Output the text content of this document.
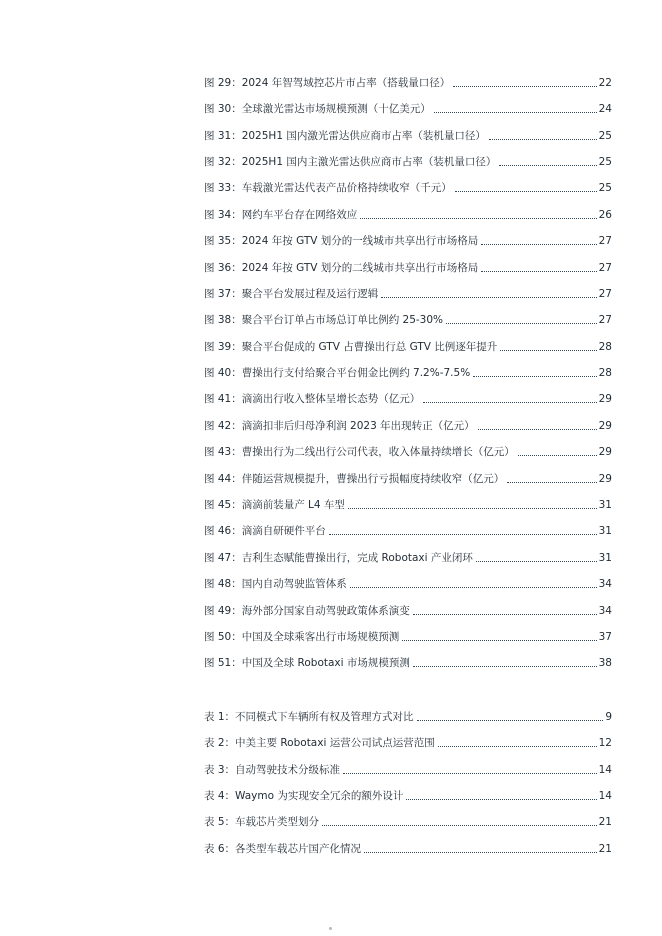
图 29：2024 年智驾域控芯片市占率（搭载量口径）	22
图 30：全球激光雷达市场规模预测（十亿美元）	24
图 31：2025H1 国内激光雷达供应商市占率（装机量口径）	25
图 32：2025H1 国内主激光雷达供应商市占率（装机量口径）	25
图 33：车载激光雷达代表产品价格持续收窄（千元）	25
图 34：网约车平台存在网络效应	26
图 35：2024 年按 GTV 划分的一线城市共享出行市场格局	27
图 36：2024 年按 GTV 划分的二线城市共享出行市场格局	27
图 37：聚合平台发展过程及运行逻辑	27
图 38：聚合平台订单占市场总订单比例约 25-30%	27
图 39：聚合平台促成的 GTV 占曹操出行总 GTV 比例逐年提升	28
图 40：曹操出行支付给聚合平台佣金比例约 7.2%-7.5%	28
图 41：滴滴出行收入整体呈增长态势（亿元）	29
图 42：滴滴扣非后归母净利润 2023 年出现转正（亿元）	29
图 43：曹操出行为二线出行公司代表，收入体量持续增长（亿元）	29
图 44：伴随运营规模提升，曹操出行亏损幅度持续收窄（亿元）	29
图 45：滴滴前装量产 L4 车型	31
图 46：滴滴自研硬件平台	31
图 47：吉利生态赋能曹操出行，完成 Robotaxi 产业闭环	31
图 48：国内自动驾驶监管体系	34
图 49：海外部分国家自动驾驶政策体系演变	34
图 50：中国及全球乘客出行市场规模预测	37
图 51：中国及全球 Robotaxi 市场规模预测	38
表 1：不同模式下车辆所有权及管理方式对比	9
表 2：中美主要 Robotaxi 运营公司试点运营范围	12
表 3：自动驾驶技术分级标准	14
表 4：Waymo 为实现安全冗余的额外设计	14
表 5：车载芯片类型划分	21
表 6：各类型车载芯片国产化情况	21
